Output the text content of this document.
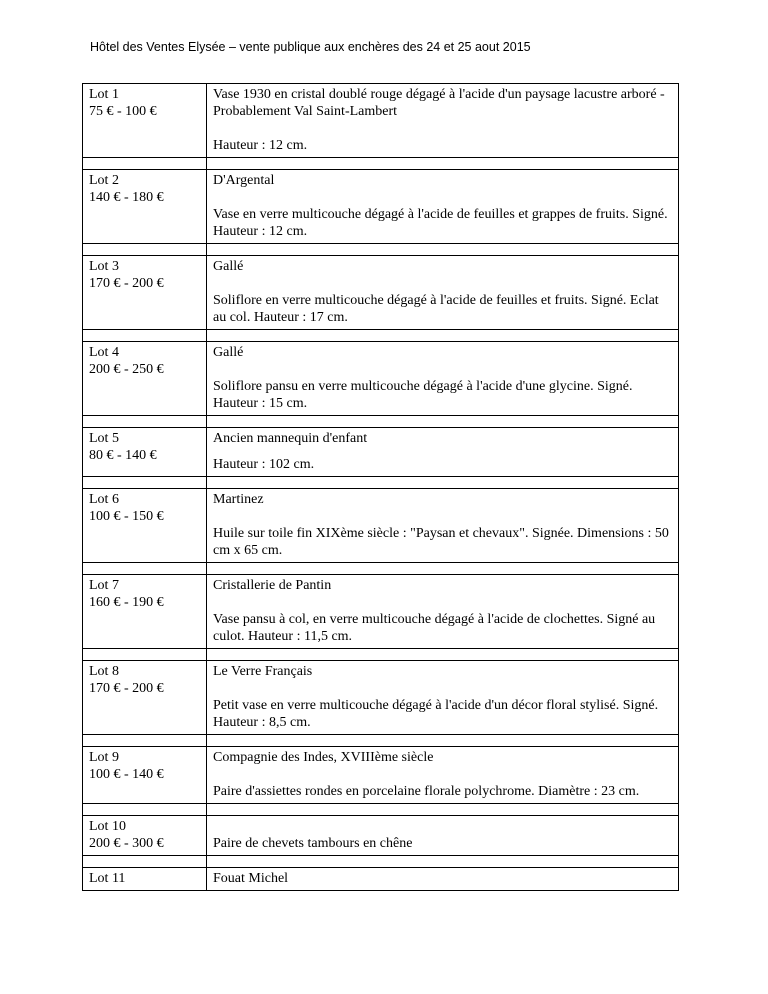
Hôtel des Ventes Elysée – vente publique aux enchères des 24 et 25 aout 2015
Lot 1
75 € - 100 €
Vase 1930 en cristal doublé rouge dégagé à l'acide d'un paysage lacustre arboré - Probablement Val Saint-Lambert
Hauteur : 12 cm.
Lot 2
140 € - 180 €
D'Argental
Vase en verre multicouche dégagé à l'acide de feuilles et grappes de fruits. Signé.
Hauteur : 12 cm.
Lot 3
170 € - 200 €
Gallé
Soliflore en verre multicouche dégagé à l'acide de feuilles et fruits. Signé. Eclat au col. Hauteur : 17 cm.
Lot 4
200 € - 250 €
Gallé
Soliflore pansu en verre multicouche dégagé à l'acide d'une glycine. Signé. Hauteur : 15 cm.
Lot 5
80 € - 140 €
Ancien mannequin d'enfant
Hauteur : 102 cm.
Lot 6
100 € - 150 €
Martinez
Huile sur toile fin XIXème siècle : "Paysan et chevaux". Signée. Dimensions : 50 cm x 65 cm.
Lot 7
160 € - 190 €
Cristallerie de Pantin
Vase pansu à col, en verre multicouche dégagé à l'acide de clochettes. Signé au culot. Hauteur : 11,5 cm.
Lot 8
170 € - 200 €
Le Verre Français
Petit vase en verre multicouche dégagé à l'acide d'un décor floral stylisé. Signé. Hauteur : 8,5 cm.
Lot 9
100 € - 140 €
Compagnie des Indes, XVIIIème siècle
Paire d'assiettes rondes en porcelaine florale polychrome. Diamètre : 23 cm.
Lot 10
200 € - 300 €	Paire de chevets tambours en chêne
Lot 11	Fouat Michel
